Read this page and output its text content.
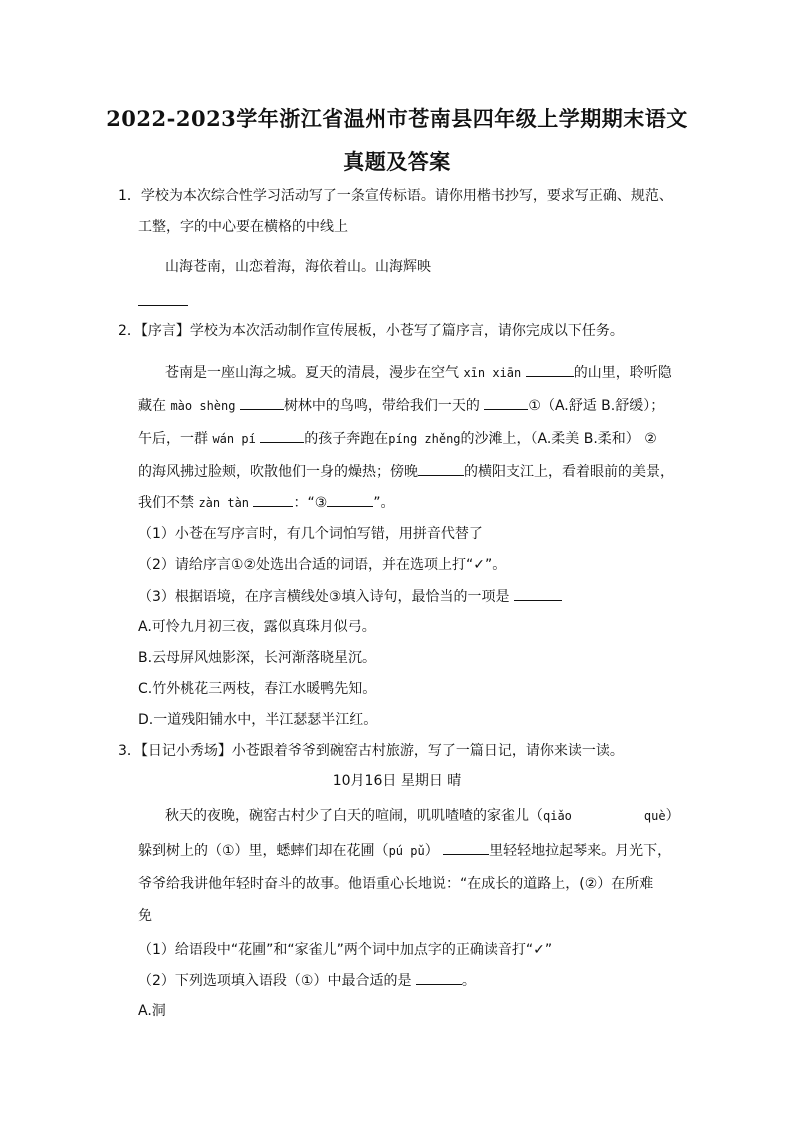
2022-2023学年浙江省温州市苍南县四年级上学期期末语文
真题及答案
1．学校为本次综合性学习活动写了一条宣传标语。请你用楷书抄写，要求写正确、规范、
工整，字的中心要在横格的中线上
山海苍南，山恋着海，海依着山。山海辉映
2．【序言】学校为本次活动制作宣传展板，小苍写了篇序言，请你完成以下任务。
苍南是一座山海之城。夏天的清晨，漫步在空气 xīn xiān	的山里，聆听隐
藏在 mào shèng	树林中的鸟鸣，带给我们一天的	①（A.舒适 B.舒缓）；
午后，一群 wán pí	的孩子奔跑在píng zhěng的沙滩上，（A.柔美 B.柔和） ②
的海风拂过脸颊，吹散他们一身的燥热；傍晚	的横阳支江上，看着眼前的美景，
我们不禁 zàn tàn	：“③	”。
（1）小苍在写序言时，有几个词怕写错，用拼音代替了
（2）请给序言①②处选出合适的词语，并在选项上打“✓”。
（3）根据语境，在序言横线处③填入诗句，最恰当的一项是
A.可怜九月初三夜，露似真珠月似弓。
B.云母屏风烛影深，长河渐落晓星沉。
C.竹外桃花三两枝，春江水暖鸭先知。
D.一道残阳铺水中，半江瑟瑟半江红。
3．【日记小秀场】小苍跟着爷爷到碗窑古村旅游，写了一篇日记，请你来读一读。
10月16日 星期日 晴
秋天的夜晚，碗窑古村少了白天的喧闹，叽叽喳喳的家雀儿（qiǎo	què）
躲到树上的（①）里，蟋蟀们却在花圃（pú pǔ）	里轻轻地拉起琴来。月光下，
爷爷给我讲他年轻时奋斗的故事。他语重心长地说：“在成长的道路上，(②）在所难
免
（1）给语段中“花圃”和“家雀儿”两个词中加点字的正确读音打“✓”
（2）下列选项填入语段（①）中最合适的是	。
A.洞
